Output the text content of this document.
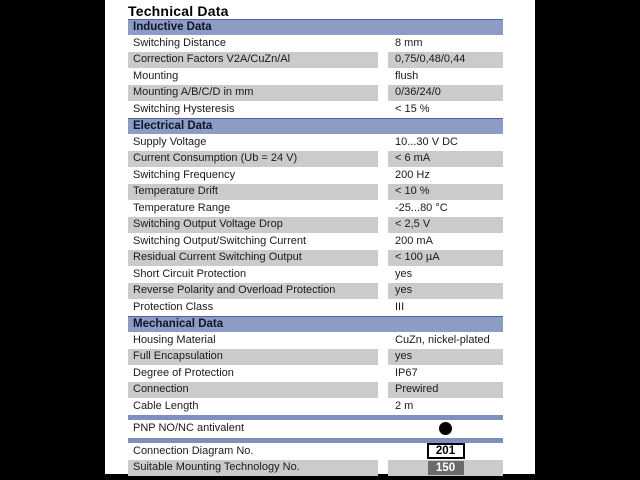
Technical Data
Inductive Data
Switching Distance	8 mm
Correction Factors V2A/CuZn/Al	0,75/0,48/0,44
Mounting	flush
Mounting A/B/C/D in mm	0/36/24/0
Switching Hysteresis	< 15 %
Electrical Data
Supply Voltage	10...30 V DC
Current Consumption (Ub = 24 V)	< 6 mA
Switching Frequency	200 Hz
Temperature Drift	< 10 %
Temperature Range	-25...80 °C
Switching Output Voltage Drop	< 2,5 V
Switching Output/Switching Current	200 mA
Residual Current Switching Output	< 100 µA
Short Circuit Protection	yes
Reverse Polarity and Overload Protection	yes
Protection Class	III
Mechanical Data
Housing Material	CuZn, nickel-plated
Full Encapsulation	yes
Degree of Protection	IP67
Connection	Prewired
Cable Length	2 m
PNP NO/NC antivalent
Connection Diagram No.	201
Suitable Mounting Technology No.	150
